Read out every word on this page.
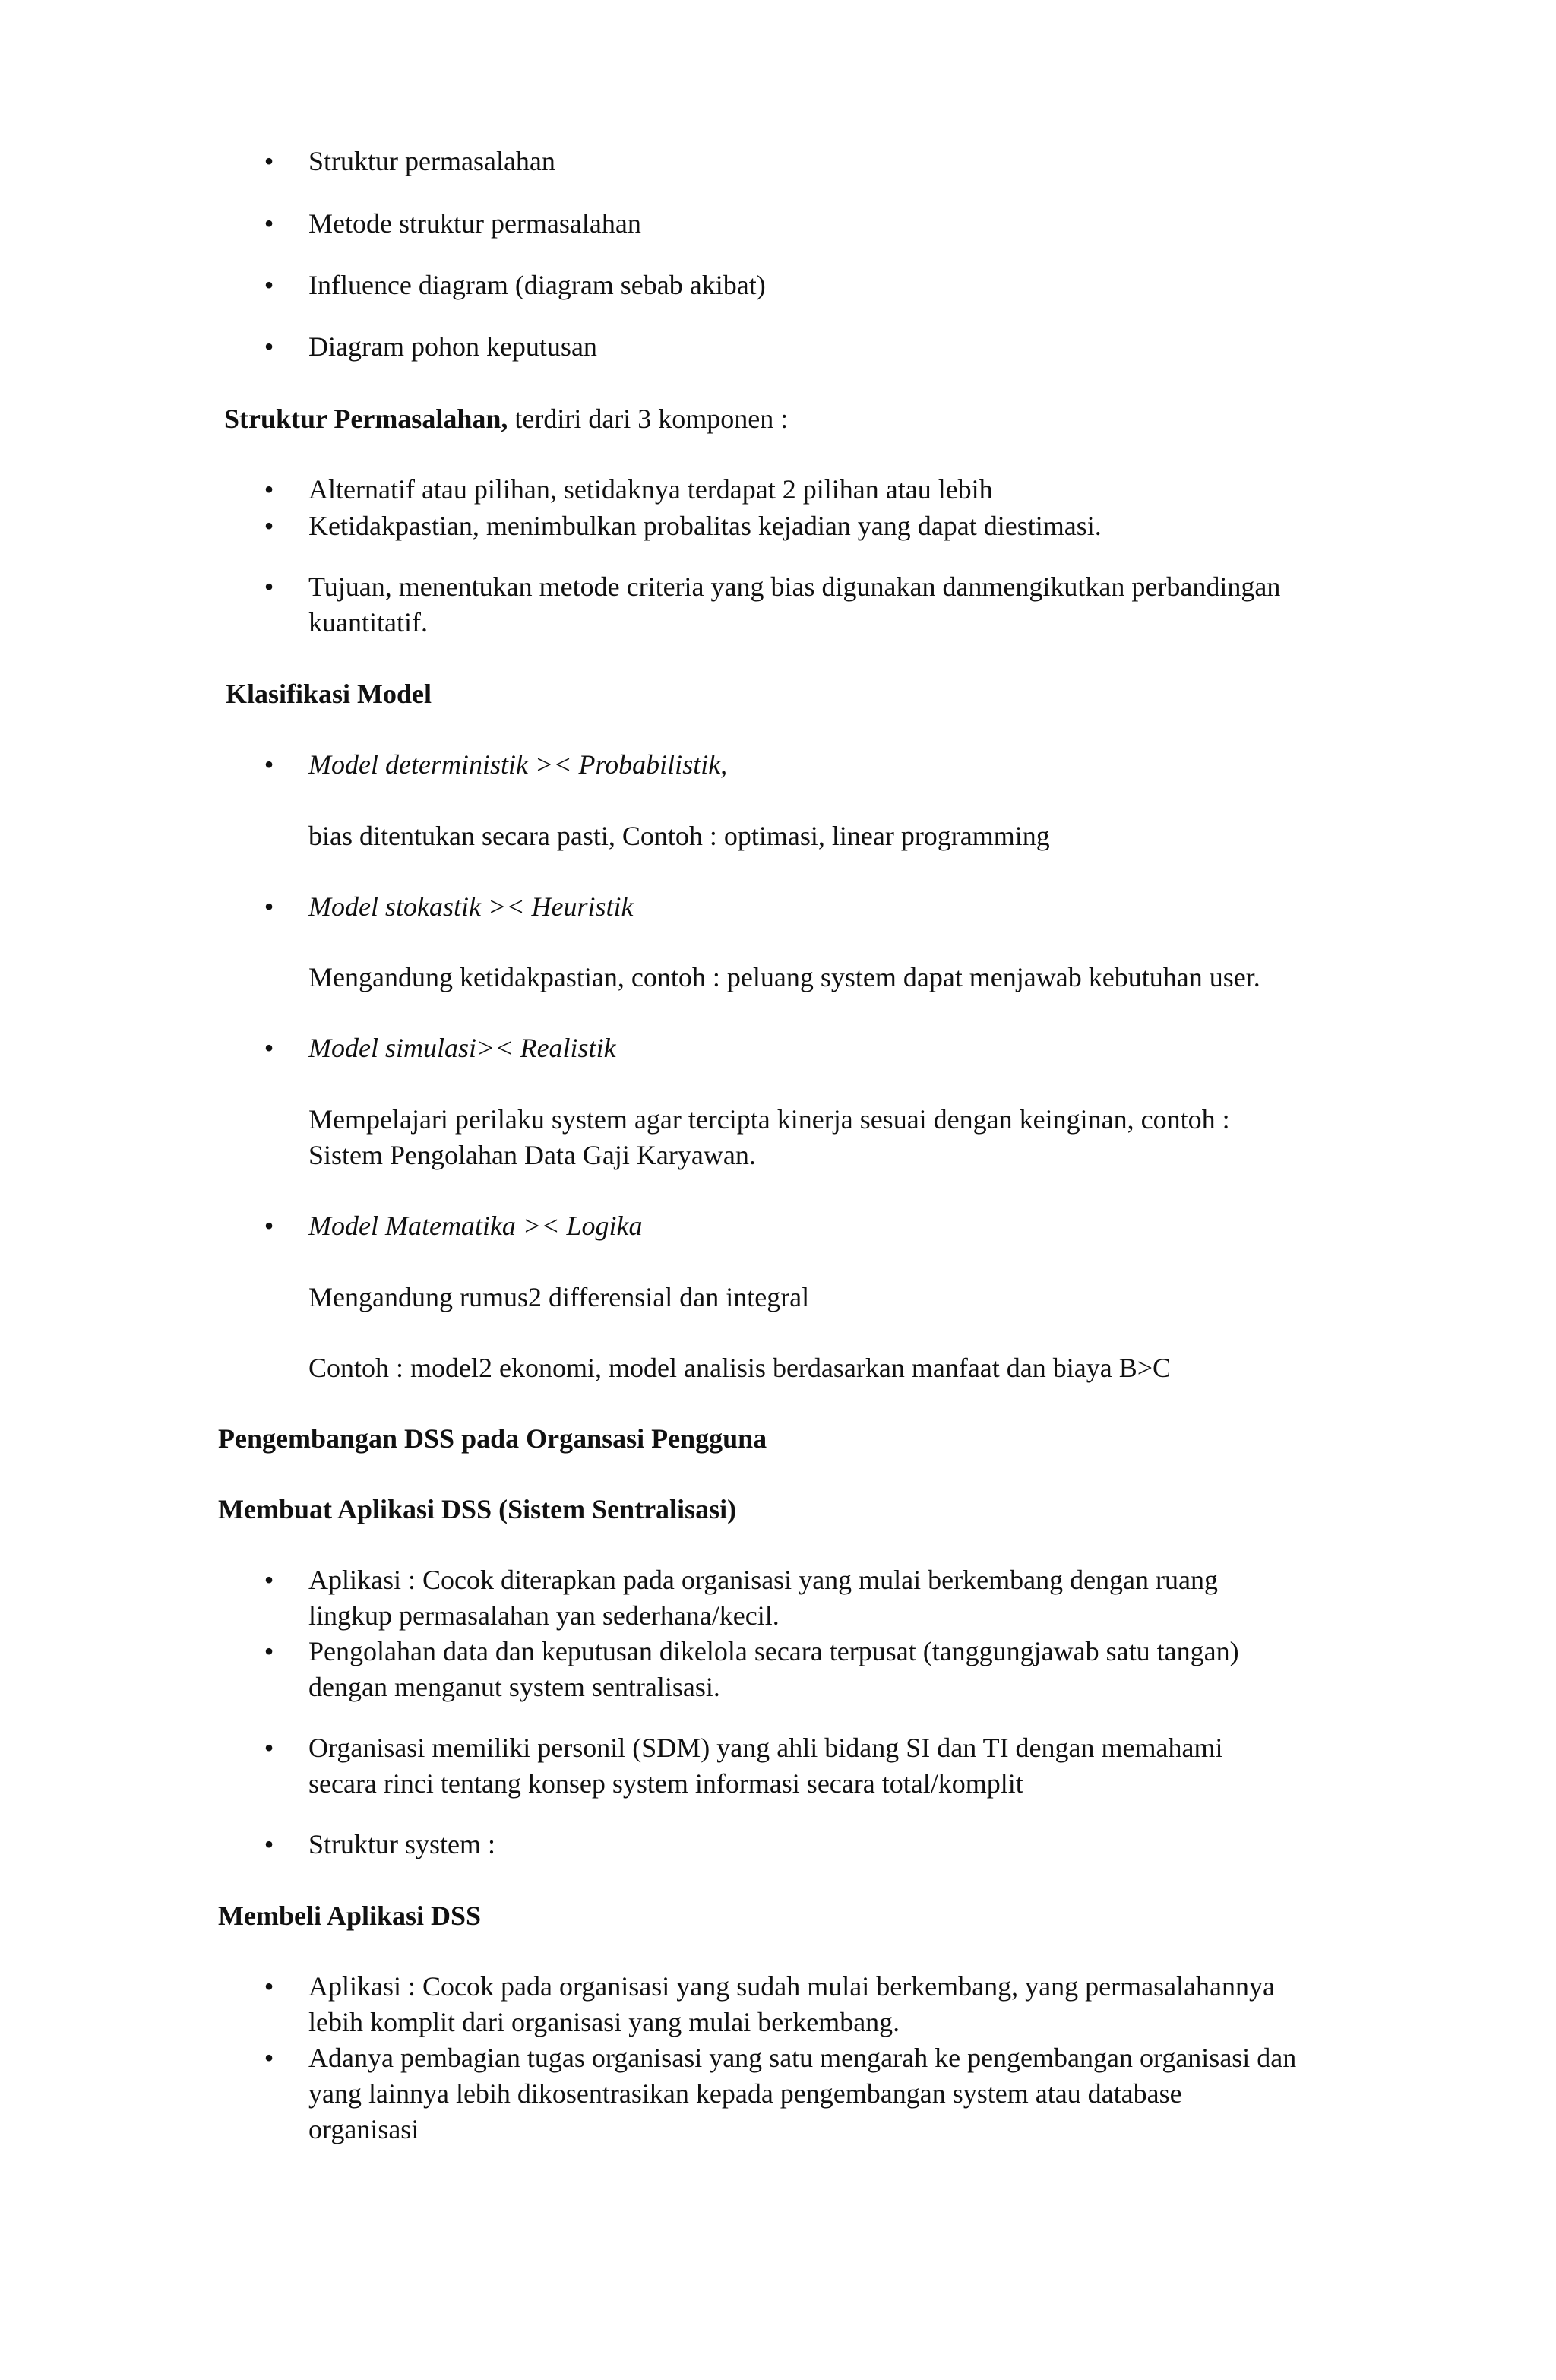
• Struktur permasalahan
• Metode struktur permasalahan
• Influence diagram (diagram sebab akibat)
• Diagram pohon keputusan
Struktur Permasalahan, terdiri dari 3 komponen :
• Alternatif atau pilihan, setidaknya terdapat 2 pilihan atau lebih
• Ketidakpastian, menimbulkan probalitas kejadian yang dapat diestimasi.
• Tujuan, menentukan metode criteria yang bias digunakan danmengikutkan perbandingan
kuantitatif.
Klasifikasi Model
• Model deterministik >< Probabilistik,
bias ditentukan secara pasti, Contoh : optimasi, linear programming
• Model stokastik >< Heuristik
Mengandung ketidakpastian, contoh : peluang system dapat menjawab kebutuhan user.
• Model simulasi>< Realistik
Mempelajari perilaku system agar tercipta kinerja sesuai dengan keinginan, contoh :
Sistem Pengolahan Data Gaji Karyawan.
• Model Matematika >< Logika
Mengandung rumus2 differensial dan integral
Contoh : model2 ekonomi, model analisis berdasarkan manfaat dan biaya B>C
Pengembangan DSS pada Organsasi Pengguna
Membuat Aplikasi DSS (Sistem Sentralisasi)
• Aplikasi : Cocok diterapkan pada organisasi yang mulai berkembang dengan ruang
lingkup permasalahan yan sederhana/kecil.
• Pengolahan data dan keputusan dikelola secara terpusat (tanggungjawab satu tangan)
dengan menganut system sentralisasi.
• Organisasi memiliki personil (SDM) yang ahli bidang SI dan TI dengan memahami
secara rinci tentang konsep system informasi secara total/komplit
• Struktur system :
Membeli Aplikasi DSS
• Aplikasi : Cocok pada organisasi yang sudah mulai berkembang, yang permasalahannya
lebih komplit dari organisasi yang mulai berkembang.
• Adanya pembagian tugas organisasi yang satu mengarah ke pengembangan organisasi dan
yang lainnya lebih dikosentrasikan kepada pengembangan system atau database
organisasi
